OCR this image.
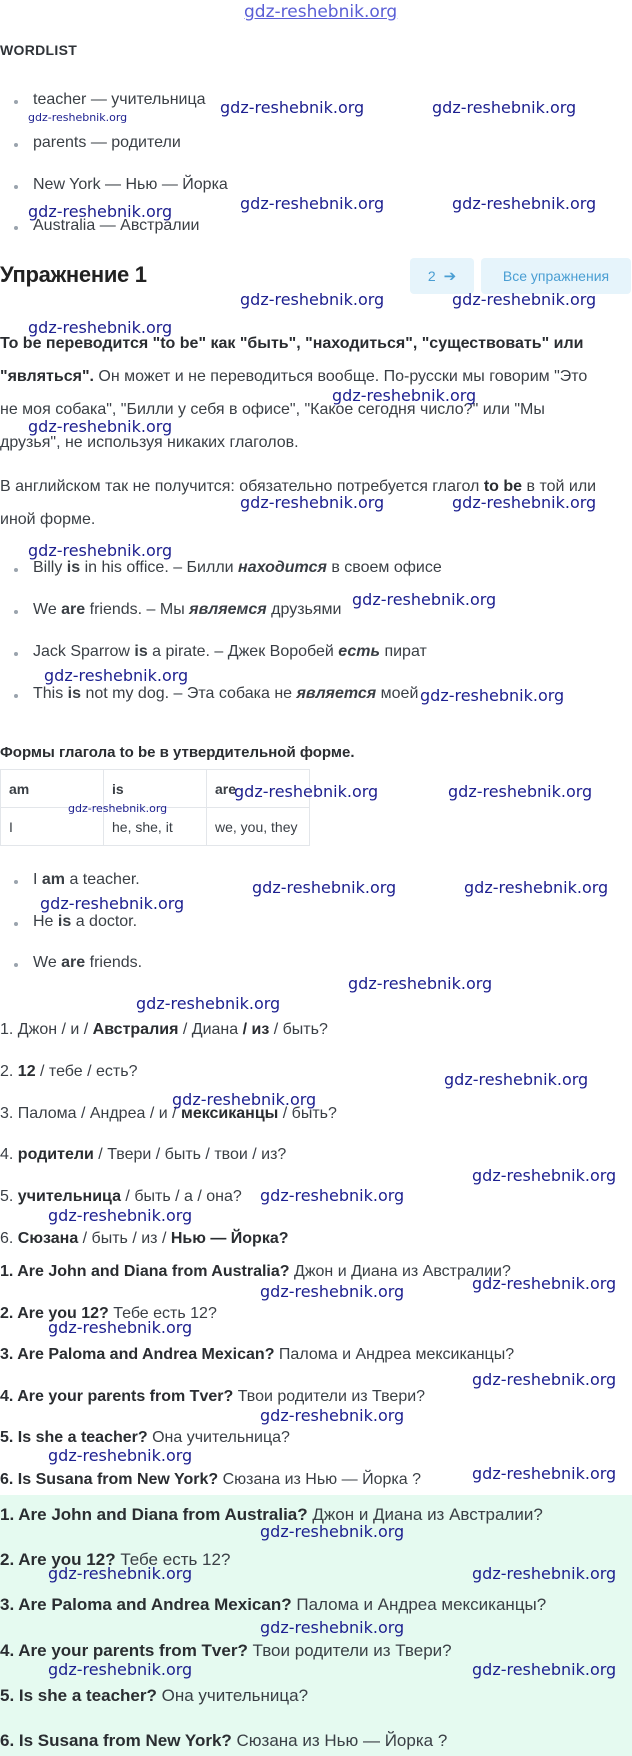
gdz-reshebnik.org
WORDLIST
teacher — учительница
parents — родители
New York — Нью — Йорка
Australia — Австралии
Упражнение 1	2 ➔	Все упражнения
To be переводится "to be" как "быть", "находиться", "существовать" или "являться". Он может и не переводиться вообще. По-русски мы говорим "Это не моя собака", "Билли у себя в офисе", "Какое сегодня число?" или "Мы друзья", не используя никаких глаголов.
В английском так не получится: обязательно потребуется глагол to be в той или иной форме.
Billy is in his office. – Билли находится в своем офисе
We are friends. – Мы являемся друзьями
Jack Sparrow is a pirate. – Джек Воробей есть пират
This is not my dog. – Эта собака не является моей
Формы глагола to be в утвердительной форме.
am	is	are
I	he, she, it	we, you, they
I am a teacher.
He is a doctor.
We are friends.
1. Джон / и / Австралия / Диана / из / быть?
2. 12 / тебе / есть?
3. Палома / Андреа / и / мексиканцы / быть?
4. родители / Твери / быть / твои / из?
5. учительница / быть / а / она?
6. Сюзана / быть / из / Нью — Йорка?
1. Are John and Diana from Australia? Джон и Диана из Австралии?
2. Are you 12? Тебе есть 12?
3. Are Paloma and Andrea Mexican? Палома и Андреа мексиканцы?
4. Are your parents from Tver? Твои родители из Твери?
5. Is she a teacher? Она учительница?
6. Is Susana from New York? Сюзана из Нью — Йорка ?
1. Are John and Diana from Australia? Джон и Диана из Австралии?
2. Are you 12? Тебе есть 12?
3. Are Paloma and Andrea Mexican? Палома и Андреа мексиканцы?
4. Are your parents from Tver? Твои родители из Твери?
5. Is she a teacher? Она учительница?
6. Is Susana from New York? Сюзана из Нью — Йорка ?
gdz-reshebnik.org
gdz-reshebnik.org	gdz-reshebnik.org
gdz-reshebnik.org	gdz-reshebnik.org	gdz-reshebnik.org
gdz-reshebnik.org	gdz-reshebnik.org
gdz-reshebnik.org
gdz-reshebnik.org
gdz-reshebnik.org
gdz-reshebnik.org	gdz-reshebnik.org
gdz-reshebnik.org
gdz-reshebnik.org
gdz-reshebnik.org
gdz-reshebnik.org
gdz-reshebnik.org	gdz-reshebnik.org
gdz-reshebnik.org
gdz-reshebnik.org	gdz-reshebnik.org
gdz-reshebnik.org
gdz-reshebnik.org
gdz-reshebnik.org
gdz-reshebnik.org
gdz-reshebnik.org
gdz-reshebnik.org
gdz-reshebnik.org
gdz-reshebnik.org
gdz-reshebnik.org
gdz-reshebnik.org
gdz-reshebnik.org
gdz-reshebnik.org
gdz-reshebnik.org
gdz-reshebnik.org
gdz-reshebnik.org
gdz-reshebnik.org
gdz-reshebnik.org	gdz-reshebnik.org
gdz-reshebnik.org
gdz-reshebnik.org	gdz-reshebnik.org
